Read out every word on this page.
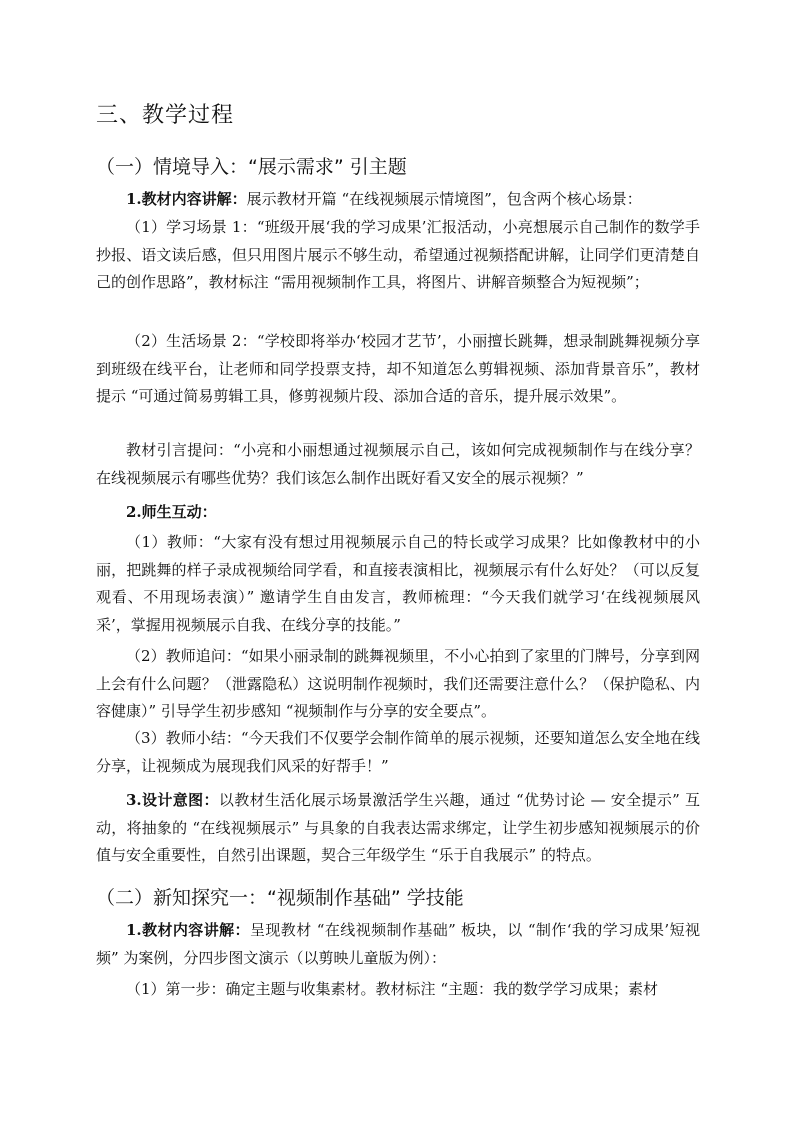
三、教学过程
（一）情境导入：“展示需求” 引主题

1.教材内容讲解：展示教材开篇 “在线视频展示情境图”，包含两个核心场景：

（1）学习场景 1：“班级开展‘我的学习成果’汇报活动，小亮想展示自己制作的数学手抄报、语文读后感，但只用图片展示不够生动，希望通过视频搭配讲解，让同学们更清楚自己的创作思路”，教材标注 “需用视频制作工具，将图片、讲解音频整合为短视频”；

（2）生活场景 2：“学校即将举办‘校园才艺节’，小丽擅长跳舞，想录制跳舞视频分享到班级在线平台，让老师和同学投票支持，却不知道怎么剪辑视频、添加背景音乐”，教材提示 “可通过简易剪辑工具，修剪视频片段、添加合适的音乐，提升展示效果”。

教材引言提问：“小亮和小丽想通过视频展示自己，该如何完成视频制作与在线分享？在线视频展示有哪些优势？我们该怎么制作出既好看又安全的展示视频？”

2.师生互动：

（1）教师：“大家有没有想过用视频展示自己的特长或学习成果？比如像教材中的小丽，把跳舞的样子录成视频给同学看，和直接表演相比，视频展示有什么好处？（可以反复观看、不用现场表演）” 邀请学生自由发言，教师梳理：“今天我们就学习‘在线视频展风采’，掌握用视频展示自我、在线分享的技能。”

（2）教师追问：“如果小丽录制的跳舞视频里，不小心拍到了家里的门牌号，分享到网上会有什么问题？（泄露隐私）这说明制作视频时，我们还需要注意什么？（保护隐私、内容健康）” 引导学生初步感知 “视频制作与分享的安全要点”。

（3）教师小结：“今天我们不仅要学会制作简单的展示视频，还要知道怎么安全地在线分享，让视频成为展现我们风采的好帮手！”

3.设计意图：以教材生活化展示场景激活学生兴趣，通过 “优势讨论 — 安全提示” 互动，将抽象的 “在线视频展示” 与具象的自我表达需求绑定，让学生初步感知视频展示的价值与安全重要性，自然引出课题，契合三年级学生 “乐于自我展示” 的特点。

（二）新知探究一：“视频制作基础” 学技能

1.教材内容讲解：呈现教材 “在线视频制作基础” 板块，以 “制作‘我的学习成果’短视频” 为案例，分四步图文演示（以剪映儿童版为例）：

（1）第一步：确定主题与收集素材。教材标注 “主题：我的数学学习成果；素材
